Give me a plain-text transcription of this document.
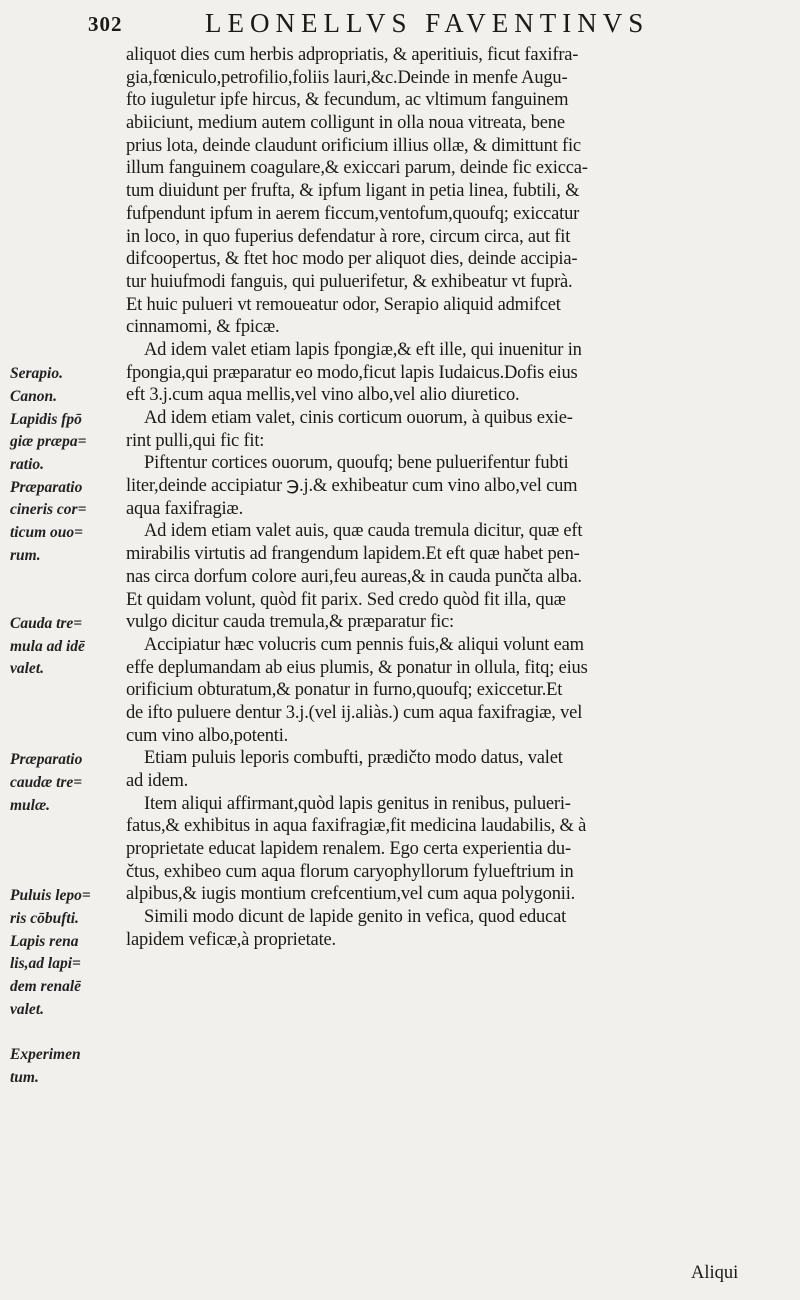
302	LEONELLVS FAVENTINVS
aliquot dies cum herbis adpropriatis, & aperitiuis, ficut faxifra-
gia,fœniculo,petrofilio,foliis lauri,&c.Deinde in menfe Augu-
fto iuguletur ipfe hircus, & fecundum, ac vltimum fanguinem
abiiciunt, medium autem colligunt in olla noua vitreata, bene
prius lota, deinde claudunt orificium illius ollæ, & dimittunt fic
illum fanguinem coagulare,& exiccari parum, deinde fic exicca-
tum diuidunt per frufta, & ipfum ligant in petia linea, fubtili, &
fufpendunt ipfum in aerem ficcum,ventofum,quoufq; exiccatur
in loco, in quo fuperius defendatur à rore, circum circa, aut fit
difcoopertus, & ftet hoc modo per aliquot dies, deinde accipia-
tur huiufmodi fanguis, qui puluerifetur, & exhibeatur vt fuprà.
Et huic pulueri vt remoueatur odor, Serapio aliquid admifcet
cinnamomi, & fpicæ.
Ad idem valet etiam lapis fpongiæ,& eft ille, qui inuenitur in
fpongia,qui præparatur eo modo,ficut lapis Iudaicus.Dofis eius
eft 3.j.cum aqua mellis,vel vino albo,vel alio diuretico.
Ad idem etiam valet, cinis corticum ouorum, à quibus exie-
rint pulli,qui fic fit:
Piftentur cortices ouorum, quoufq; bene puluerifentur fubti
liter,deinde accipiatur ℈.j.& exhibeatur cum vino albo,vel cum
aqua faxifragiæ.
Ad idem etiam valet auis, quæ cauda tremula dicitur, quæ eft
mirabilis virtutis ad frangendum lapidem.Et eft quæ habet pen-
nas circa dorfum colore auri,feu aureas,& in cauda punčta alba.
Et quidam volunt, quòd fit parix. Sed credo quòd fit illa, quæ
vulgo dicitur cauda tremula,& præparatur fic:
Accipiatur hæc volucris cum pennis fuis,& aliqui volunt eam
effe deplumandam ab eius plumis, & ponatur in ollula, fitq; eius
orificium obturatum,& ponatur in furno,quoufq; exiccetur.Et
de ifto puluere dentur 3.j.(vel ij.aliàs.) cum aqua faxifragiæ, vel
cum vino albo,potenti.
Etiam puluis leporis combufti, prædičto modo datus, valet
ad idem.
Item aliqui affirmant,quòd lapis genitus in renibus, pulueri-
fatus,& exhibitus in aqua faxifragiæ,fit medicina laudabilis, & à
proprietate educat lapidem renalem. Ego certa experientia du-
čtus, exhibeo cum aqua florum caryophyllorum fylueftrium in
alpibus,& iugis montium crefcentium,vel cum aqua polygonii.
Simili modo dicunt de lapide genito in vefica, quod educat
lapidem veficæ,à proprietate.
Serapio.
Canon.
Lapidis fpō
giæ præpa=
ratio.
Præparatio
cineris cor=
ticum ouo=
rum.
Cauda tre=
mula ad idē
valet.
Præparatio
caudæ tre=
mulæ.
Puluis lepo=
ris cōbufti.
Lapis rena
lis,ad lapi=
dem renalē
valet.
Experimen
tum.
Aliqui
